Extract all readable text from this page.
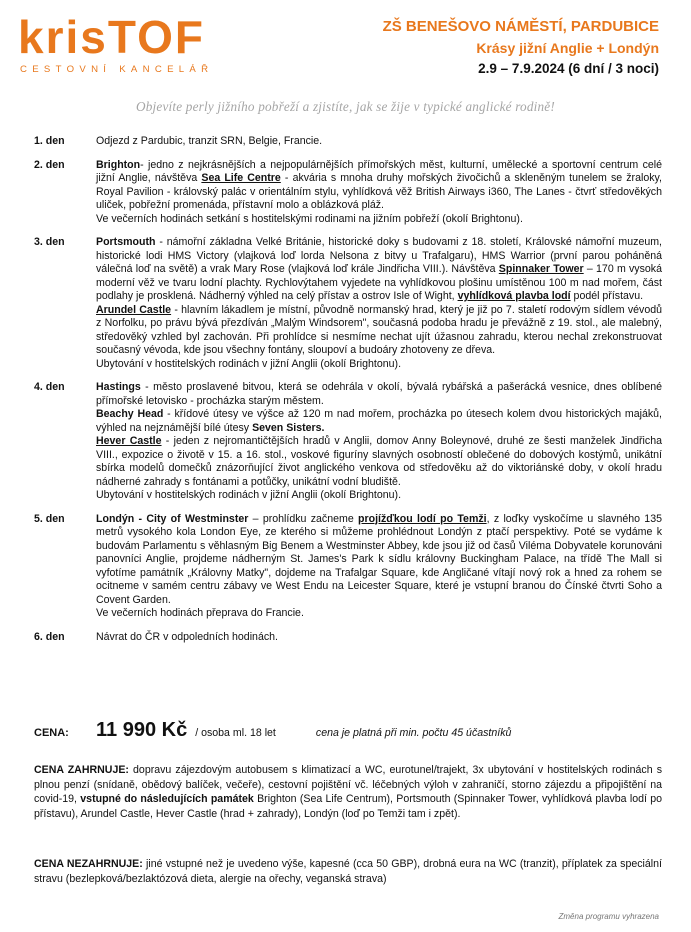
krisTOF
CESTOVNÍ KANCELÁŘ
ZŠ BENEŠOVO NÁMĚSTÍ, PARDUBICE
Krásy jižní Anglie + Londýn
2.9 – 7.9.2024 (6 dní / 3 noci)
Objevíte perly jižního pobřeží a zjistíte, jak se žije v typické anglické rodině!
1. den	Odjezd z Pardubic, tranzit SRN, Belgie, Francie.

2. den	Brighton- jedno z nejkrásnějších a nejpopulárnějších přímořských měst, kulturní, umělecké a sportovní centrum celé jižní Anglie, návštěva Sea Life Centre - akvária s mnoha druhy mořských živočichů a skleněným tunelem se žraloky, Royal Pavilion - královský palác v orientálním stylu, vyhlídková věž British Airways i360, The Lanes - čtvrť středověkých uliček, pobřežní promenáda, přístavní molo a oblázková pláž.

Ve večerních hodinách setkání s hostitelskými rodinami na jižním pobřeží (okolí Brightonu).

3. den	Portsmouth - námořní základna Velké Británie, historické doky s budovami z 18. století, Královské námořní muzeum, historické lodi HMS Victory (vlajková loď lorda Nelsona z bitvy u Trafalgaru), HMS Warrior (první parou poháněná válečná loď na světě) a vrak Mary Rose (vlajková loď krále Jindřicha VIII.). Návštěva Spinnaker Tower – 170 m vysoká moderní věž ve tvaru lodní plachty. Rychlovýtahem vyjedete na vyhlídkovou plošinu umístěnou 100 m nad mořem, část podlahy je prosklená. Nádherný výhled na celý přístav a ostrov Isle of Wight, vyhlídková plavba lodí podél přístavu.

Arundel Castle - hlavním lákadlem je místní, původně normanský hrad, který je již po 7. staletí rodovým sídlem vévodů z Norfolku, po právu bývá přezdíván „Malým Windsorem", současná podoba hradu je převážně z 19. stol., ale malebný, středověký vzhled byl zachován. Při prohlídce si nesmíme nechat ujít úžasnou zahradu, kterou nechal zrekonstruovat současný vévoda, kde jsou všechny fontány, sloupoví a budoáry zhotoveny ze dřeva.

Ubytování v hostitelských rodinách v jižní Anglii (okolí Brightonu).

4. den	Hastings - město proslavené bitvou, která se odehrála v okolí, bývalá rybářská a pašerácká vesnice, dnes oblíbené přímořské letovisko - procházka starým městem.

Beachy Head - křídové útesy ve výšce až 120 m nad mořem, procházka po útesech kolem dvou historických majáků, výhled na nejznámější bílé útesy Seven Sisters.

Hever Castle - jeden z nejromantičtějších hradů v Anglii, domov Anny Boleynové, druhé ze šesti manželek Jindřicha VIII., expozice o životě v 15. a 16. stol., voskové figuríny slavných osobností oblečené do dobových kostýmů, unikátní sbírka modelů domečků znázorňující život anglického venkova od středověku až do viktoriánské doby, v okolí hradu nádherné zahrady s fontánami a potůčky, unikátní vodní bludiště.

Ubytování v hostitelských rodinách v jižní Anglii (okolí Brightonu).

5. den	Londýn - City of Westminster – prohlídku začneme projížďkou lodí po Temži, z loďky vyskočíme u slavného 135 metrů vysokého kola London Eye, ze kterého si můžeme prohlédnout Londýn z ptačí perspektivy. Poté se vydáme k budovám Parlamentu s věhlasným Big Benem a Westminster Abbey, kde jsou již od časů Viléma Dobyvatele korunováni panovníci Anglie, projdeme nádherným St. James's Park k sídlu královny Buckingham Palace, na třídě The Mall si vyfotíme památník „Královny Matky", dojdeme na Trafalgar Square, kde Angličané vítají nový rok a hned za rohem se ocitneme v samém centru zábavy ve West Endu na Leicester Square, které je vstupní branou do Čínské čtvrti Soho a Covent Garden.

Ve večerních hodinách přeprava do Francie.

6. den	Návrat do ČR v odpoledních hodinách.

CENA:	11 990 Kč / osoba ml. 18 let	cena je platná při min. počtu 45 účastníků
CENA ZAHRNUJE: dopravu zájezdovým autobusem s klimatizací a WC, eurotunel/trajekt, 3x ubytování v hostitelských rodinách s plnou penzí (snídaně, obědový balíček, večeře), cestovní pojištění vč. léčebných výloh v zahraničí, storno zájezdu a připojištění na covid-19, vstupné do následujících památek Brighton (Sea Life Centrum), Portsmouth (Spinnaker Tower, vyhlídková plavba lodí po přístavu), Arundel Castle, Hever Castle (hrad + zahrady), Londýn (loď po Temži tam i zpět).
CENA NEZAHRNUJE: jiné vstupné než je uvedeno výše, kapesné (cca 50 GBP), drobná eura na WC (tranzit), příplatek za speciální stravu (bezlepková/bezlaktózová dieta, alergie na ořechy, veganská strava)
Změna programu vyhrazena
